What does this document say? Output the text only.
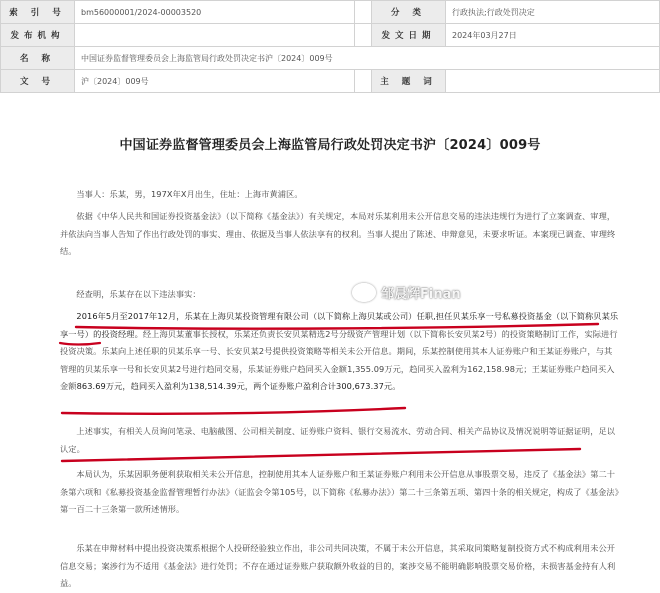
索 引 号	bm56000001/2024-00003520		分 类	行政执法;行政处罚决定
发布机构			发文日期	2024年03月27日
名 称	中国证券监督管理委员会上海监管局行政处罚决定书沪〔2024〕009号			
文 号	沪〔2024〕009号		主 题 词	
中国证券监督管理委员会上海监管局行政处罚决定书沪〔2024〕009号

当事人：乐某，男，197X年X月出生，住址：上海市黄浦区。

依据《中华人民共和国证券投资基金法》（以下简称《基金法》）有关规定，本局对乐某利用未公开信息交易的违法违规行为进行了立案调查、审理，并依法向当事人告知了作出行政处罚的事实、理由、依据及当事人依法享有的权利。当事人提出了陈述、申辩意见，未要求听证。本案现已调查、审理终结。

经查明，乐某存在以下违法事实：

2016年5月至2017年12月，乐某在上海贝某投资管理有限公司（以下简称上海贝某或公司）任职,担任贝某乐享一号私募投资基金（以下简称贝某乐享一号）的投资经理。经上海贝某董事长授权，乐某还负责长安贝某精选2号分级资产管理计划（以下简称长安贝某2号）的投资策略制订工作，实际进行投资决策。乐某向上述任职的贝某乐享一号、长安贝某2号提供投资策略等相关未公开信息。期间，乐某控制使用其本人证券账户和王某证券账户，与其管理的贝某乐享一号和长安贝某2号进行趋同交易，乐某证券账户趋同买入金额1,355.09万元，趋同买入盈利为162,158.98元；王某证券账户趋同买入金额863.69万元，趋同买入盈利为138,514.39元，两个证券账户盈利合计300,673.37元。

上述事实，有相关人员询问笔录、电脑截图、公司相关制度、证券账户资料、银行交易流水、劳动合同、相关产品协议及情况说明等证据证明，足以认定。

本局认为，乐某因职务便利获取相关未公开信息，控制使用其本人证券账户和王某证券账户利用未公开信息从事股票交易，违反了《基金法》第二十条第六项和《私募投资基金监督管理暂行办法》（证监会令第105号，以下简称《私募办法》）第二十三条第五项、第四十条的相关规定，构成了《基金法》第一百二十三条第一款所述情形。

乐某在申辩材料中提出投资决策系根据个人投研经验独立作出，非公司共同决策，不属于未公开信息，其采取同策略复制投资方式不构成利用未公开信息交易；案涉行为不适用《基金法》进行处罚；不存在通过证券账户获取额外收益的目的，案涉交易不能明确影响股票交易价格，未损害基金持有人利益。

邹晨辉Finan
